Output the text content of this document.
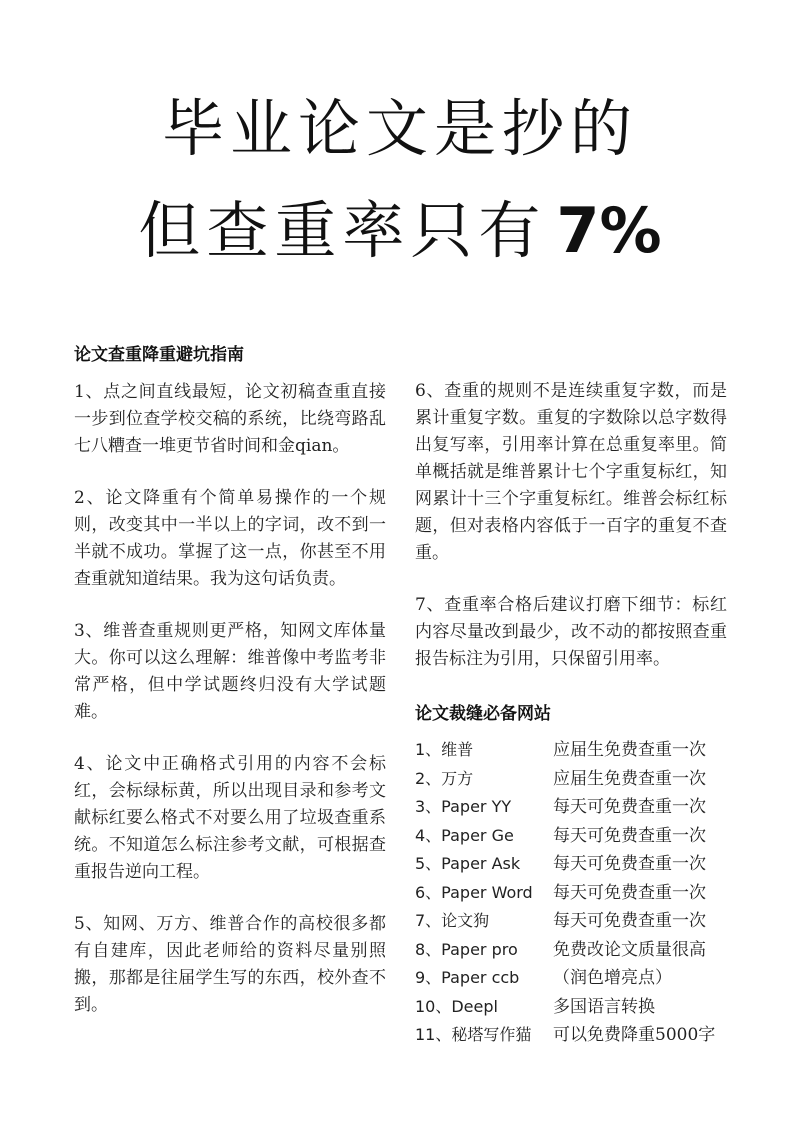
毕业论文是抄的
但查重率只有 7%
论文查重降重避坑指南

1、点之间直线最短，论文初稿查重直接一步到位查学校交稿的系统，比绕弯路乱七八糟查一堆更节省时间和金qian。

2、论文降重有个简单易操作的一个规则，改变其中一半以上的字词，改不到一半就不成功。掌握了这一点，你甚至不用查重就知道结果。我为这句话负责。

3、维普查重规则更严格，知网文库体量大。你可以这么理解：维普像中考监考非常严格，但中学试题终归没有大学试题难。

4、论文中正确格式引用的内容不会标红，会标绿标黄，所以出现目录和参考文献标红要么格式不对要么用了垃圾查重系统。不知道怎么标注参考文献，可根据查重报告逆向工程。

5、知网、万方、维普合作的高校很多都有自建库，因此老师给的资料尽量别照搬，那都是往届学生写的东西，校外查不到。

6、查重的规则不是连续重复字数，而是累计重复字数。重复的字数除以总字数得出复写率，引用率计算在总重复率里。简单概括就是维普累计七个字重复标红，知网累计十三个字重复标红。维普会标红标题，但对表格内容低于一百字的重复不查重。

7、查重率合格后建议打磨下细节：标红内容尽量改到最少，改不动的都按照查重报告标注为引用，只保留引用率。

论文裁缝必备网站
1、维普	应届生免费查重一次
2、万方	应届生免费查重一次
3、Paper YY	每天可免费查重一次
4、Paper Ge	每天可免费查重一次
5、Paper Ask	每天可免费查重一次
6、Paper Word	每天可免费查重一次
7、论文狗	每天可免费查重一次
8、Paper pro	免费改论文质量很高
9、Paper ccb	（润色增亮点）
10、Deepl	多国语言转换
11、秘塔写作猫	可以免费降重5000字
